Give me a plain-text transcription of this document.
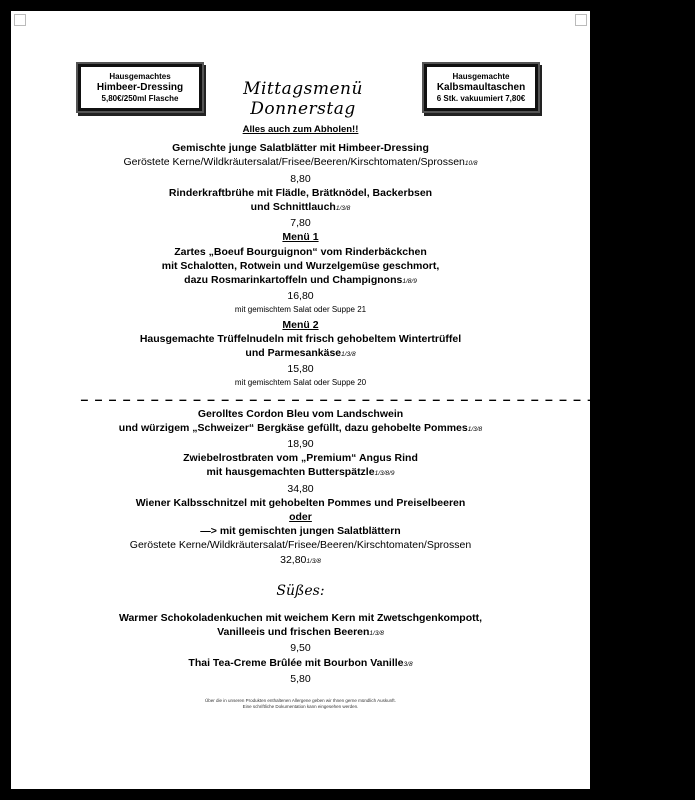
Hausgemachtes
Himbeer-Dressing
5,80€/250ml Flasche	Mittagsmenü Donnerstag
Hausgemachte
Kalbsmaultaschen
6 Stk. vakuumiert 7,80€
Alles auch zum Abholen!!
Gemischte junge Salatblätter mit Himbeer-Dressing
Geröstete Kerne/Wildkräutersalat/Frisee/Beeren/Kirschtomaten/Sprossen10/8
8,80
Rinderkraftbrühe mit Flädle, Brätknödel, Backerbsen
und Schnittlauch1/3/8
7,80
Menü 1
Zartes „Boeuf Bourguignon“ vom Rinderbäckchen
mit Schalotten, Rotwein und Wurzelgemüse geschmort,
dazu Rosmarinkartoffeln und Champignons1/8/9
16,80
mit gemischtem Salat oder Suppe 21
Menü 2
Hausgemachte Trüffelnudeln mit frisch gehobeltem Wintertrüffel
und Parmesankäse1/3/8
15,80
mit gemischtem Salat oder Suppe 20
– – – – – – – – – – – – – – – – – – – – – – – – – – – – – – – – – – – – – – – – – – – –
Gerolltes Cordon Bleu vom Landschwein
und würzigem „Schweizer“ Bergkäse gefüllt, dazu gehobelte Pommes1/3/8
18,90
Zwiebelrostbraten vom „Premium“ Angus Rind
mit hausgemachten Butterspätzle1/3/8/9
34,80
Wiener Kalbsschnitzel mit gehobelten Pommes und Preiselbeeren
oder
—> mit gemischten jungen Salatblättern
Geröstete Kerne/Wildkräutersalat/Frisee/Beeren/Kirschtomaten/Sprossen
32,801/3/8
Süßes:
Warmer Schokoladenkuchen mit weichem Kern mit Zwetschgenkompott,
Vanilleeis und frischen Beeren1/3/8
9,50
Thai Tea-Creme Brûlée mit Bourbon Vanille3/8
5,80
Über die in unseren Produkten enthaltenen Allergene geben wir Ihnen gerne mündlich Auskunft.
Eine schriftliche Dokumentation kann eingesehen werden.
